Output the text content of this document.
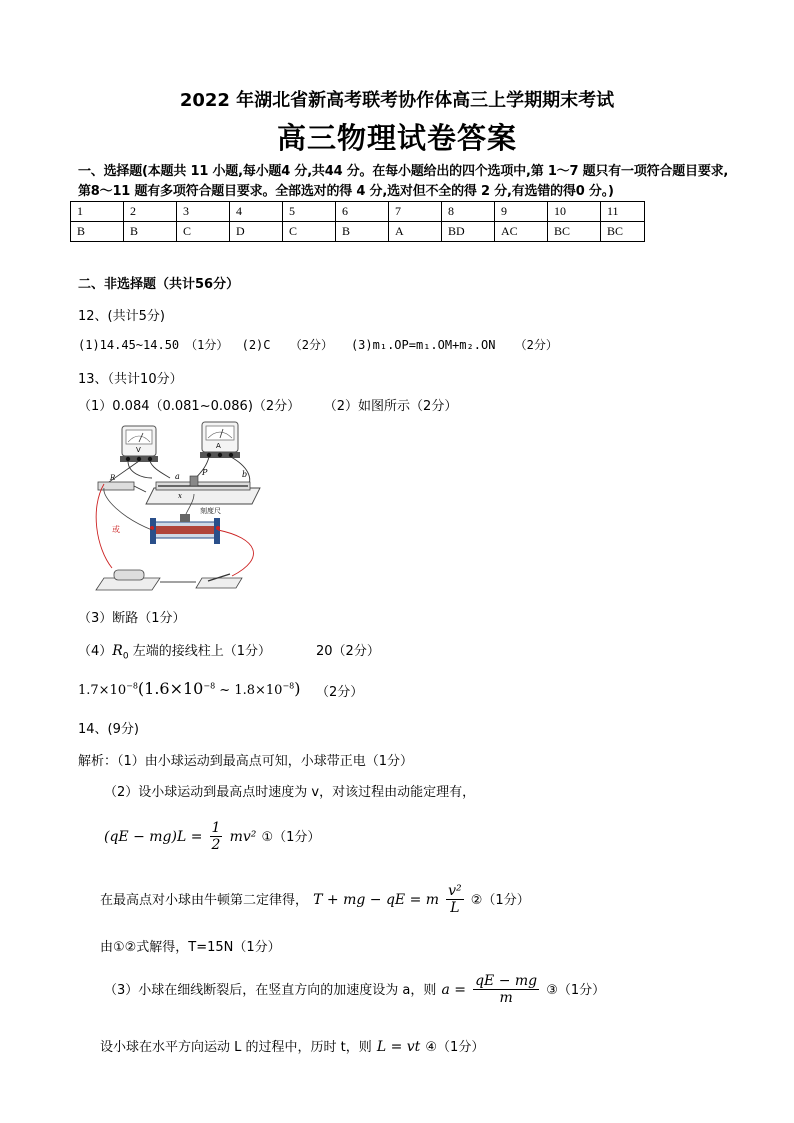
2022 年湖北省新高考联考协作体高三上学期期末考试
高三物理试卷答案
一、选择题(本题共 11 小题,每小题4 分,共44 分。在每小题给出的四个选项中,第 1～7 题只有一项符合题目要求,
第8～11 题有多项符合题目要求。全部选对的得 4 分,选对但不全的得 2 分,有选错的得0 分。)
1	2	3	4	5	6	7	8	9	10	11
B	B	C	D	C	B	A	BD	AC	BC	BC
二、非选择题（共计56分）
12、(共计5分)
(1)14.45~14.50　（1分）　 (2)C　 （2分）　　(3)m₁.OP=m₁.OM+m₂.ON　 （2分）
13、（共计10分）
（1）0.084（0.081~0.086)（2分）　　 （2）如图所示（2分）
V	A
a	P	b
x
刻度尺
R
或
（3）断路（1分）
$(4)R_0$ 左端的接线柱上（1分）	20（2分）
$1.7\times 10^{-8}(1.6\times 10^{-8}$ ~ $1.8\times 10^{-8}$) （2分）
14、(9分)
解析：（1）由小球运动到最高点可知，小球带正电（1分）
（2）设小球运动到最高点时速度为 v，对该过程由动能定理有，
$(qE - mg)L = \frac{1}{2} mv^2$ ①（1分）
在最高点对小球由牛顿第二定律得， T + mg − qE = m $\frac{\text{v²}}{L}$ ②（1分）
由①②式解得，T=15N（1分）
（3）小球在细线断裂后，在竖直方向的加速度设为 a，则 $a = \frac{qE - mg}{m}$ ③（1分）
设小球在水平方向运动 L 的过程中，历时 t，则 L = vt ④（1分）
